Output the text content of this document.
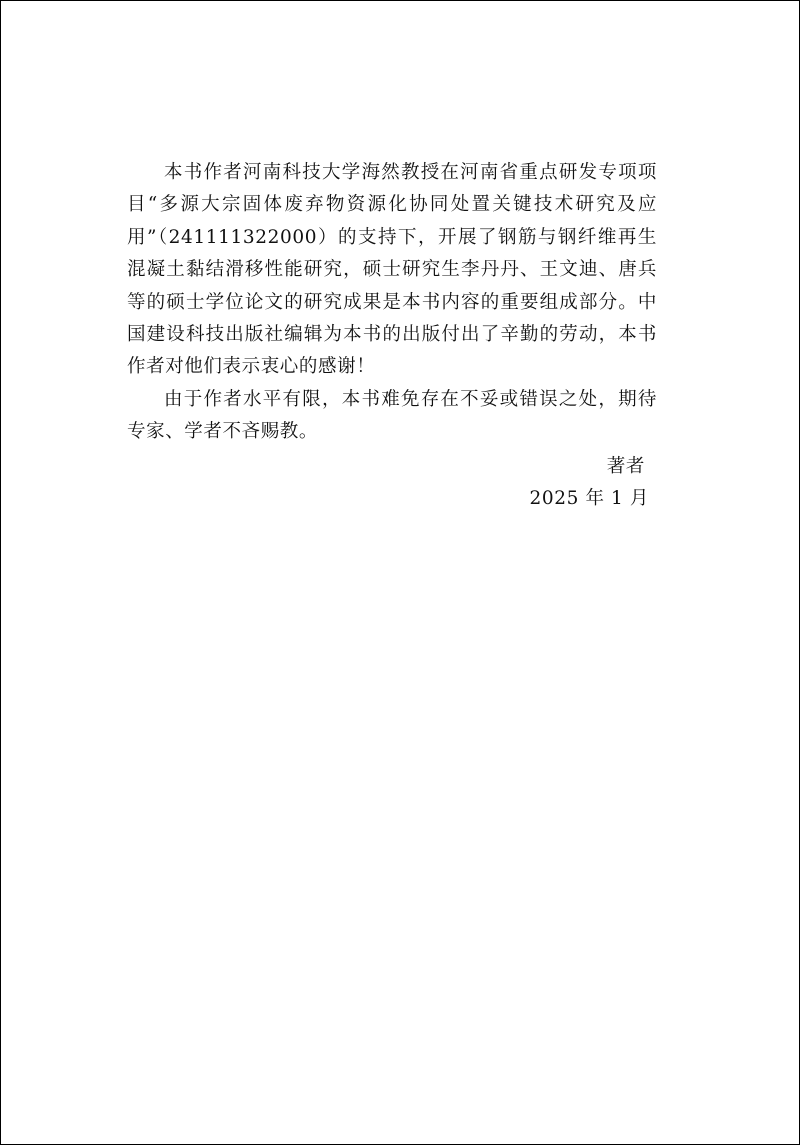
本书作者河南科技大学海然教授在河南省重点研发专项项目“多源大宗固体废弃物资源化协同处置关键技术研究及应用”（241111322000）的支持下，开展了钢筋与钢纤维再生混凝土黏结滑移性能研究，硕士研究生李丹丹、王文迪、唐兵等的硕士学位论文的研究成果是本书内容的重要组成部分。中国建设科技出版社编辑为本书的出版付出了辛勤的劳动，本书作者对他们表示衷心的感谢！

由于作者水平有限，本书难免存在不妥或错误之处，期待专家、学者不吝赐教。

著者
2025 年 1 月
